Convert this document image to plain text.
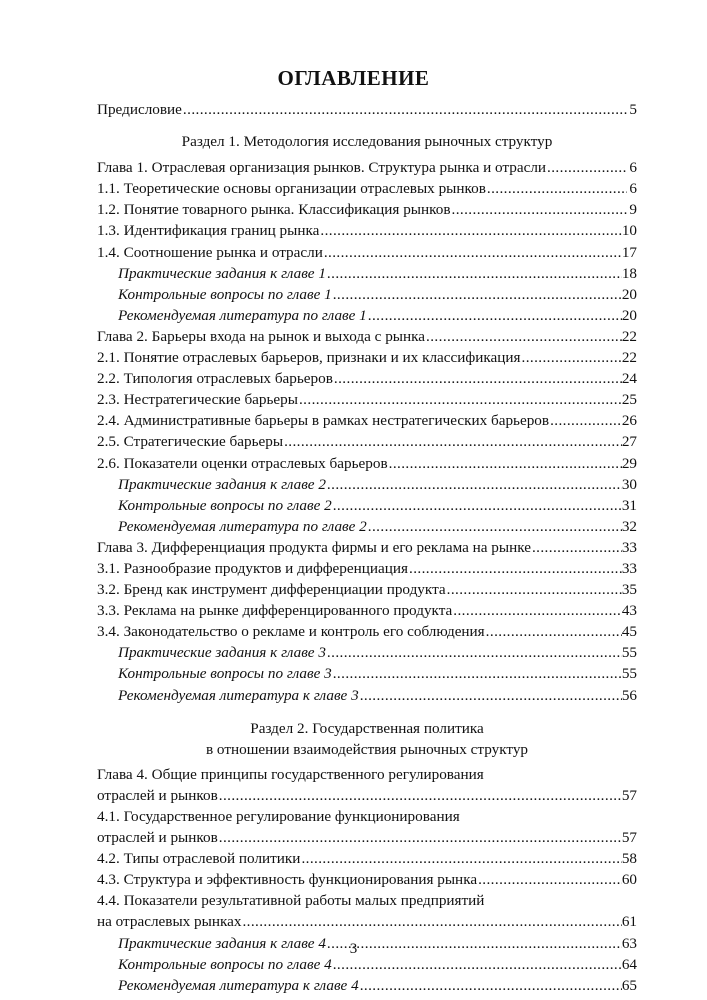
ОГЛАВЛЕНИЕ
Предисловие .....	5
Раздел 1. Методология исследования рыночных структур
Глава 1. Отраслевая организация рынков. Структура рынка и отрасли .....	6
1.1. Теоретические основы организации отраслевых рынков .....	6
1.2. Понятие товарного рынка. Классификация рынков .....	9
1.3. Идентификация границ рынка .....	10
1.4. Соотношение рынка и отрасли .....	17
Практические задания к главе 1 .....	18
Контрольные вопросы по главе 1 .....	20
Рекомендуемая литература по главе 1 .....	20
Глава 2. Барьеры входа на рынок и выхода с рынка .....	22
2.1. Понятие отраслевых барьеров, признаки и их классификация .....	22
2.2. Типология отраслевых барьеров .....	24
2.3. Нестратегические барьеры .....	25
2.4. Административные барьеры в рамках нестратегических барьеров .....	26
2.5. Стратегические барьеры .....	27
2.6. Показатели оценки отраслевых барьеров .....	29
Практические задания к главе 2 .....	30
Контрольные вопросы по главе 2 .....	31
Рекомендуемая литература по главе 2 .....	32
Глава 3. Дифференциация продукта фирмы и его реклама на рынке .....	33
3.1. Разнообразие продуктов и дифференциация .....	33
3.2. Бренд как инструмент дифференциации продукта .....	35
3.3. Реклама на рынке дифференцированного продукта .....	43
3.4. Законодательство о рекламе и контроль его соблюдения .....	45
Практические задания к главе 3 .....	55
Контрольные вопросы по главе 3 .....	55
Рекомендуемая литература к главе 3 .....	56
Раздел 2. Государственная политика
в отношении взаимодействия рыночных структур
Глава 4. Общие принципы государственного регулирования
отраслей и рынков .....	57
4.1. Государственное регулирование функционирования
отраслей и рынков .....	57
4.2. Типы отраслевой политики .....	58
4.3. Структура и эффективность функционирования рынка .....	60
4.4. Показатели результативной работы малых предприятий
на отраслевых рынках .....	61
Практические задания к главе 4 .....	63
Контрольные вопросы по главе 4 .....	64
Рекомендуемая литература к главе 4 .....	65
3
